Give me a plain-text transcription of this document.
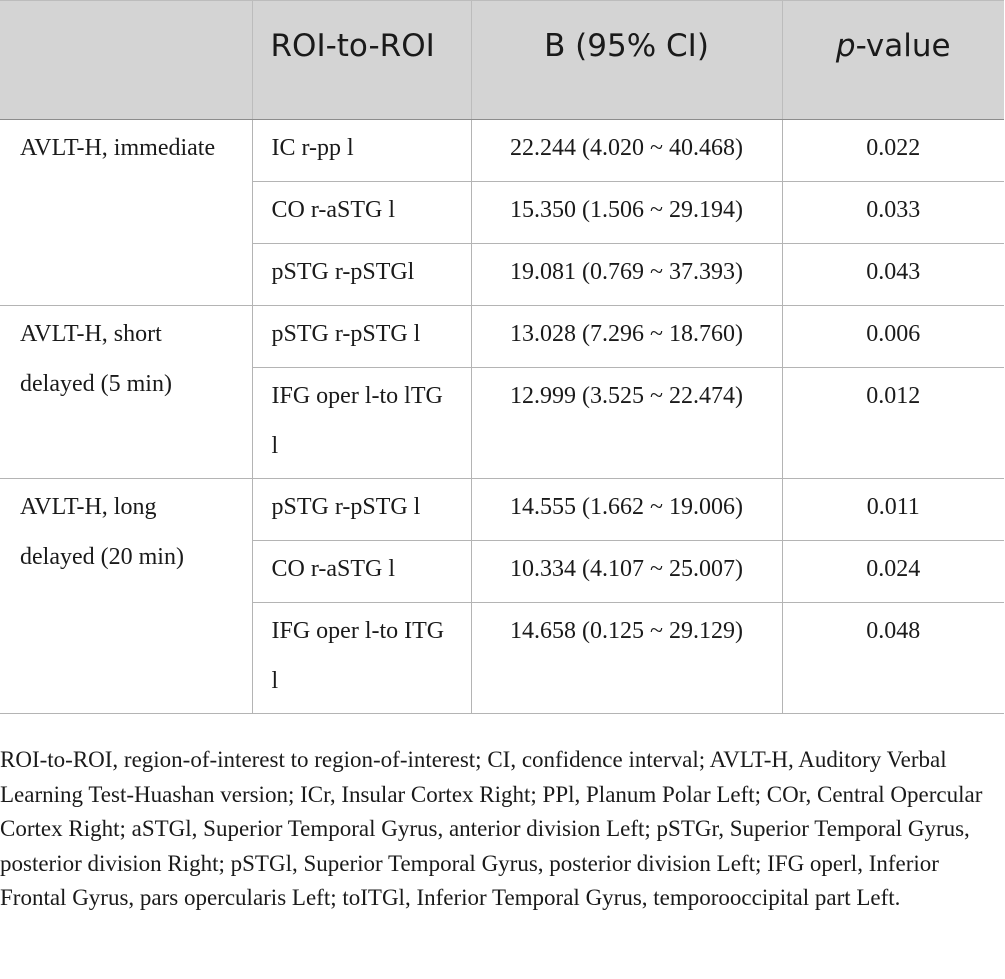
	ROI-to-ROI	B (95% CI)	p-value
AVLT-H, immediate	IC r-pp l	22.244 (4.020 ~ 40.468)	0.022
	CO r-aSTG l	15.350 (1.506 ~ 29.194)	0.033
	pSTG r-pSTGl	19.081 (0.769 ~ 37.393)	0.043
AVLT-H, short delayed (5 min)	pSTG r-pSTG l	13.028 (7.296 ~ 18.760)	0.006
	IFG oper l-to lTG l	12.999 (3.525 ~ 22.474)	0.012
AVLT-H, long delayed (20 min)	pSTG r-pSTG l	14.555 (1.662 ~ 19.006)	0.011
	CO r-aSTG l	10.334 (4.107 ~ 25.007)	0.024
	IFG oper l-to ITG l	14.658 (0.125 ~ 29.129)	0.048

ROI-to-ROI, region-of-interest to region-of-interest; CI, confidence interval; AVLT-H, Auditory Verbal Learning Test-Huashan version; ICr, Insular Cortex Right; PPl, Planum Polar Left; COr, Central Opercular Cortex Right; aSTGl, Superior Temporal Gyrus, anterior division Left; pSTGr, Superior Temporal Gyrus, posterior division Right; pSTGl, Superior Temporal Gyrus, posterior division Left; IFG operl, Inferior Frontal Gyrus, pars opercularis Left; toITGl, Inferior Temporal Gyrus, temporooccipital part Left.
